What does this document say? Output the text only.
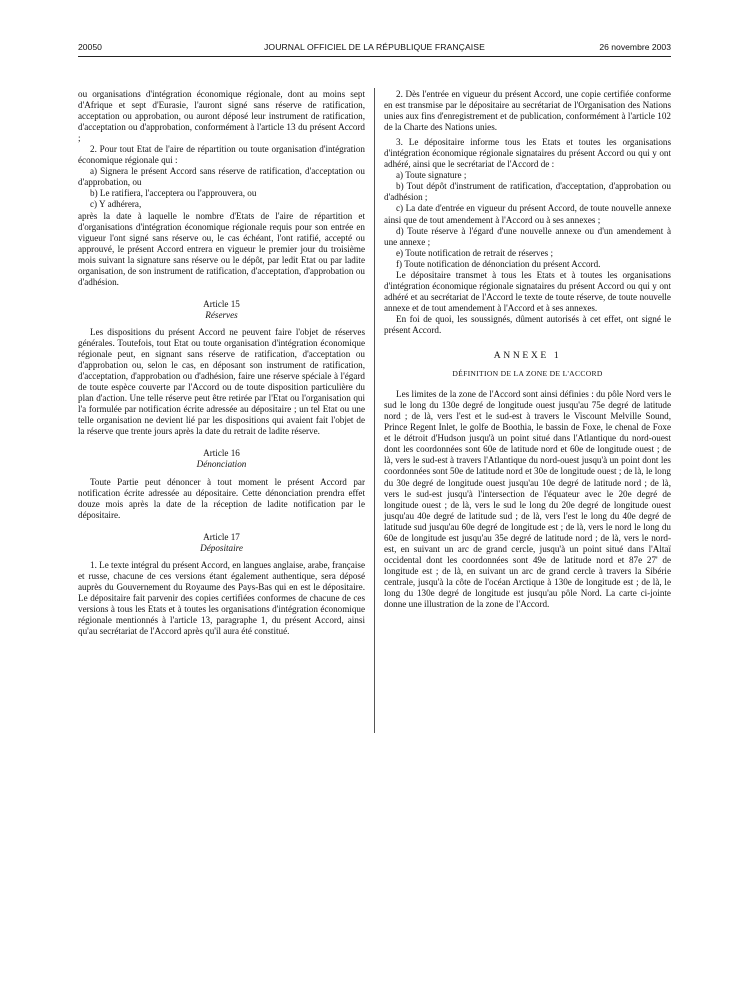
20050	JOURNAL OFFICIEL DE LA RÉPUBLIQUE FRANÇAISE	26 novembre 2003

ou organisations d'intégration économique régionale, dont au moins sept d'Afrique et sept d'Eurasie, l'auront signé sans réserve de ratification, acceptation ou approbation, ou auront déposé leur instrument de ratification, d'acceptation ou d'approbation, conformément à l'article 13 du présent Accord ;

2. Pour tout Etat de l'aire de répartition ou toute organisation d'intégration économique régionale qui :

a) Signera le présent Accord sans réserve de ratification, d'acceptation ou d'approbation, ou

b) Le ratifiera, l'acceptera ou l'approuvera, ou

c) Y adhérera,

après la date à laquelle le nombre d'Etats de l'aire de répartition et d'organisations d'intégration économique régionale requis pour son entrée en vigueur l'ont signé sans réserve ou, le cas échéant, l'ont ratifié, accepté ou approuvé, le présent Accord entrera en vigueur le premier jour du troisième mois suivant la signature sans réserve ou le dépôt, par ledit Etat ou par ladite organisation, de son instrument de ratification, d'acceptation, d'approbation ou d'adhésion.

Article 15

Réserves

Les dispositions du présent Accord ne peuvent faire l'objet de réserves générales. Toutefois, tout Etat ou toute organisation d'intégration économique régionale peut, en signant sans réserve de ratification, d'acceptation ou d'approbation ou, selon le cas, en déposant son instrument de ratification, d'acceptation, d'approbation ou d'adhésion, faire une réserve spéciale à l'égard de toute espèce couverte par l'Accord ou de toute disposition particulière du plan d'action. Une telle réserve peut être retirée par l'Etat ou l'organisation qui l'a formulée par notification écrite adressée au dépositaire ; un tel Etat ou une telle organisation ne devient lié par les dispositions qui avaient fait l'objet de la réserve que trente jours après la date du retrait de ladite réserve.

Article 16

Dénonciation

Toute Partie peut dénoncer à tout moment le présent Accord par notification écrite adressée au dépositaire. Cette dénonciation prendra effet douze mois après la date de la réception de ladite notification par le dépositaire.

Article 17

Dépositaire

1. Le texte intégral du présent Accord, en langues anglaise, arabe, française et russe, chacune de ces versions étant également authentique, sera déposé auprès du Gouvernement du Royaume des Pays-Bas qui en est le dépositaire. Le dépositaire fait parvenir des copies certifiées conformes de chacune de ces versions à tous les Etats et à toutes les organisations d'intégration économique régionale mentionnés à l'article 13, paragraphe 1, du présent Accord, ainsi qu'au secrétariat de l'Accord après qu'il aura été constitué.

2. Dès l'entrée en vigueur du présent Accord, une copie certifiée conforme en est transmise par le dépositaire au secrétariat de l'Organisation des Nations unies aux fins d'enregistrement et de publication, conformément à l'article 102 de la Charte des Nations unies.

3. Le dépositaire informe tous les Etats et toutes les organisations d'intégration économique régionale signataires du présent Accord ou qui y ont adhéré, ainsi que le secrétariat de l'Accord de :

a) Toute signature ;

b) Tout dépôt d'instrument de ratification, d'acceptation, d'approbation ou d'adhésion ;

c) La date d'entrée en vigueur du présent Accord, de toute nouvelle annexe ainsi que de tout amendement à l'Accord ou à ses annexes ;

d) Toute réserve à l'égard d'une nouvelle annexe ou d'un amendement à une annexe ;

e) Toute notification de retrait de réserves ;

f) Toute notification de dénonciation du présent Accord.

Le dépositaire transmet à tous les Etats et à toutes les organisations d'intégration économique régionale signataires du présent Accord ou qui y ont adhéré et au secrétariat de l'Accord le texte de toute réserve, de toute nouvelle annexe et de tout amendement à l'Accord et à ses annexes.

En foi de quoi, les soussignés, dûment autorisés à cet effet, ont signé le présent Accord.

ANNEXE 1

DÉFINITION DE LA ZONE DE L'ACCORD

Les limites de la zone de l'Accord sont ainsi définies : du pôle Nord vers le sud le long du 130e degré de longitude ouest jusqu'au 75e degré de latitude nord ; de là, vers l'est et le sud-est à travers le Viscount Melville Sound, Prince Regent Inlet, le golfe de Boothia, le bassin de Foxe, le chenal de Foxe et le détroit d'Hudson jusqu'à un point situé dans l'Atlantique du nord-ouest dont les coordonnées sont 60e de latitude nord et 60e de longitude ouest ; de là, vers le sud-est à travers l'Atlantique du nord-ouest jusqu'à un point dont les coordonnées sont 50e de latitude nord et 30e de longitude ouest ; de là, le long du 30e degré de longitude ouest jusqu'au 10e degré de latitude nord ; de là, vers le sud-est jusqu'à l'intersection de l'équateur avec le 20e degré de longitude ouest ; de là, vers le sud le long du 20e degré de longitude ouest jusqu'au 40e degré de latitude sud ; de là, vers l'est le long du 40e degré de latitude sud jusqu'au 60e degré de longitude est ; de là, vers le nord le long du 60e de longitude est jusqu'au 35e degré de latitude nord ; de là, vers le nord-est, en suivant un arc de grand cercle, jusqu'à un point situé dans l'Altaï occidental dont les coordonnées sont 49e de latitude nord et 87e 27' de longitude est ; de là, en suivant un arc de grand cercle à travers la Sibérie centrale, jusqu'à la côte de l'océan Arctique à 130e de longitude est ; de là, le long du 130e degré de longitude est jusqu'au pôle Nord. La carte ci-jointe donne une illustration de la zone de l'Accord.
